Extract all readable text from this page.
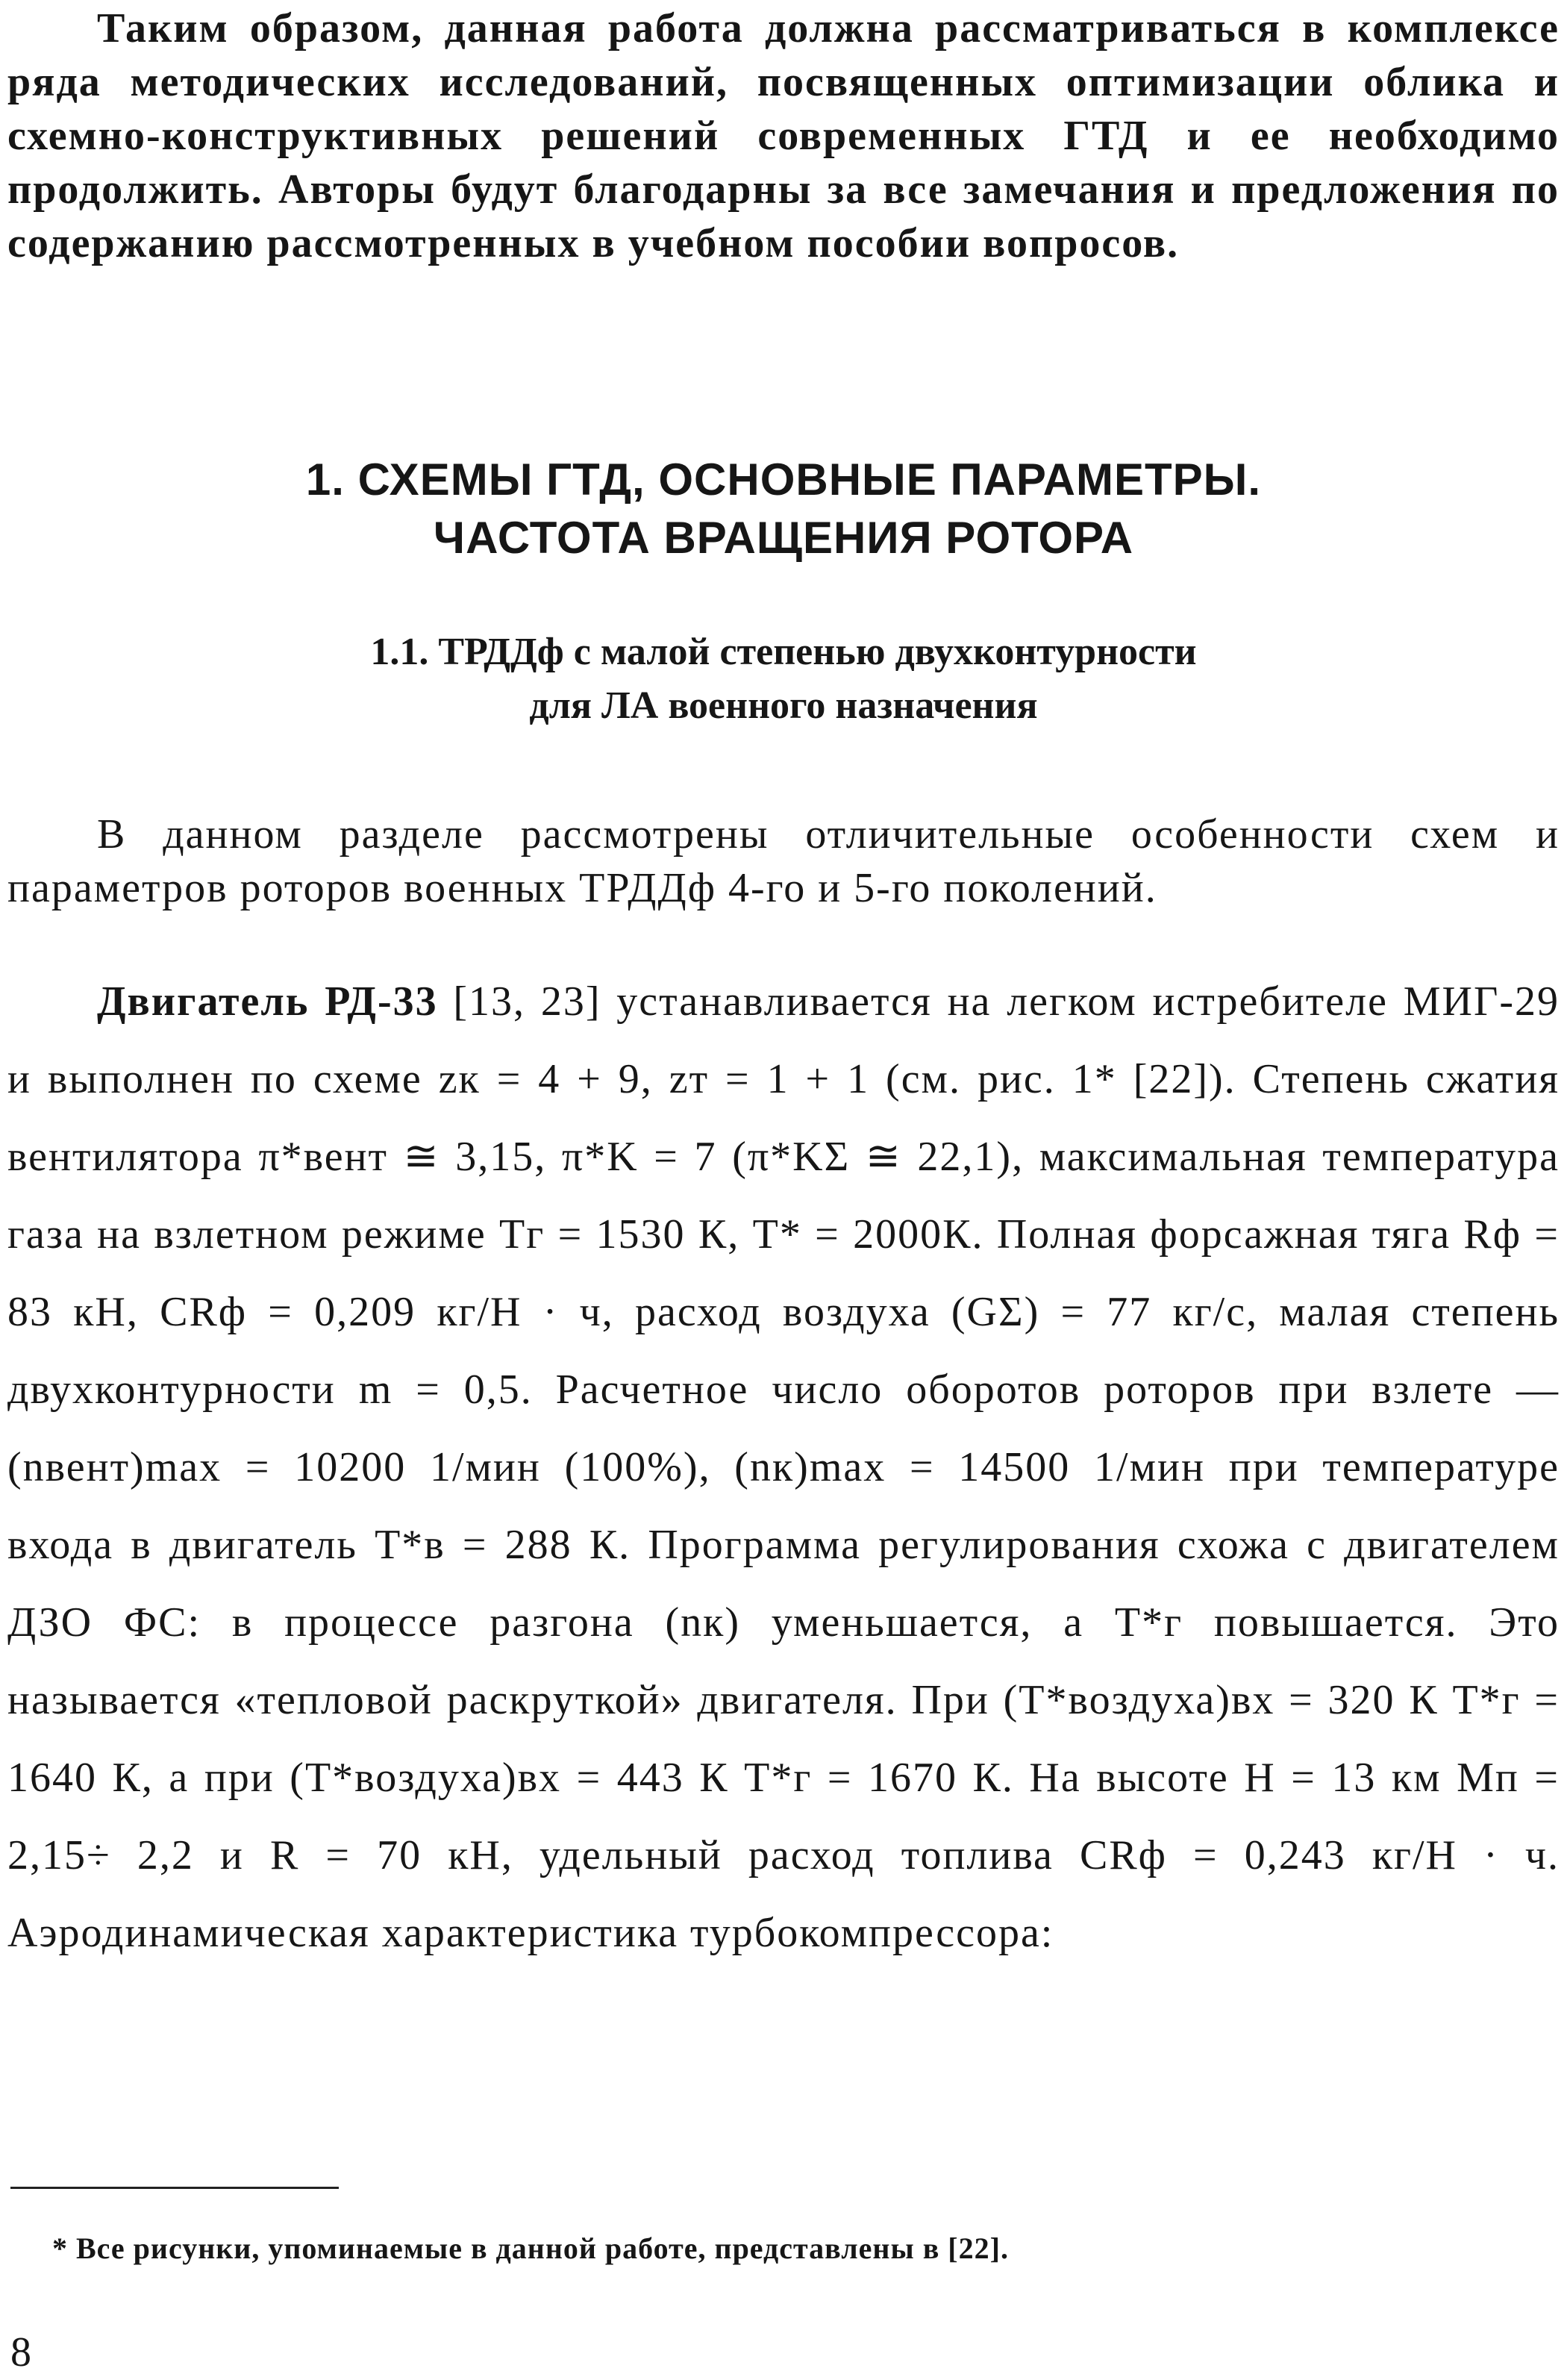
Таким образом, данная работа должна рассматриваться в комплексе ряда методических исследований, посвященных оптимизации облика и схемно-конструктивных решений современных ГТД и ее необходимо продолжить. Авторы будут благодарны за все замечания и предложения по содержанию рассмотренных в учебном пособии вопросов.

1. СХЕМЫ ГТД, ОСНОВНЫЕ ПАРАМЕТРЫ.
ЧАСТОТА ВРАЩЕНИЯ РОТОРА
1.1. ТРДДф с малой степенью двухконтурности
для ЛА военного назначения

В данном разделе рассмотрены отличительные особенности схем и параметров роторов военных ТРДДф 4-го и 5-го поколений.

Двигатель РД-33 [13, 23] устанавливается на легком истребителе МИГ-29 и выполнен по схеме zк = 4 + 9, zт = 1 + 1 (см. рис. 1* [22]). Степень сжатия вентилятора π*вент ≅ 3,15, π*K = 7 (π*KΣ ≅ 22,1), максимальная температура газа на взлетном режиме Tг = 1530 К, T* = 2000К. Полная форсажная тяга Rф = 83 кН, CRф = 0,209 кг/Н · ч, расход воздуха (GΣ) = 77 кг/с, малая степень двухконтурности m = 0,5. Расчетное число оборотов роторов при взлете — (nвент)max = 10200 1/мин (100%), (nк)max = 14500 1/мин при температуре входа в двигатель T*в = 288 К. Программа регулирования схожа с двигателем ДЗО ФС: в процессе разгона (nк) уменьшается, а T*г повышается. Это называется «тепловой раскруткой» двигателя. При (T*воздуха)вх = 320 К T*г = 1640 К, а при (T*воздуха)вх = 443 К T*г = 1670 К. На высоте H = 13 км Mп = 2,15÷ 2,2 и R = 70 кН, удельный расход топлива CRф = 0,243 кг/Н · ч. Аэродинамическая характеристика турбокомпрессора:

* Все рисунки, упоминаемые в данной работе, представлены в [22].
8
